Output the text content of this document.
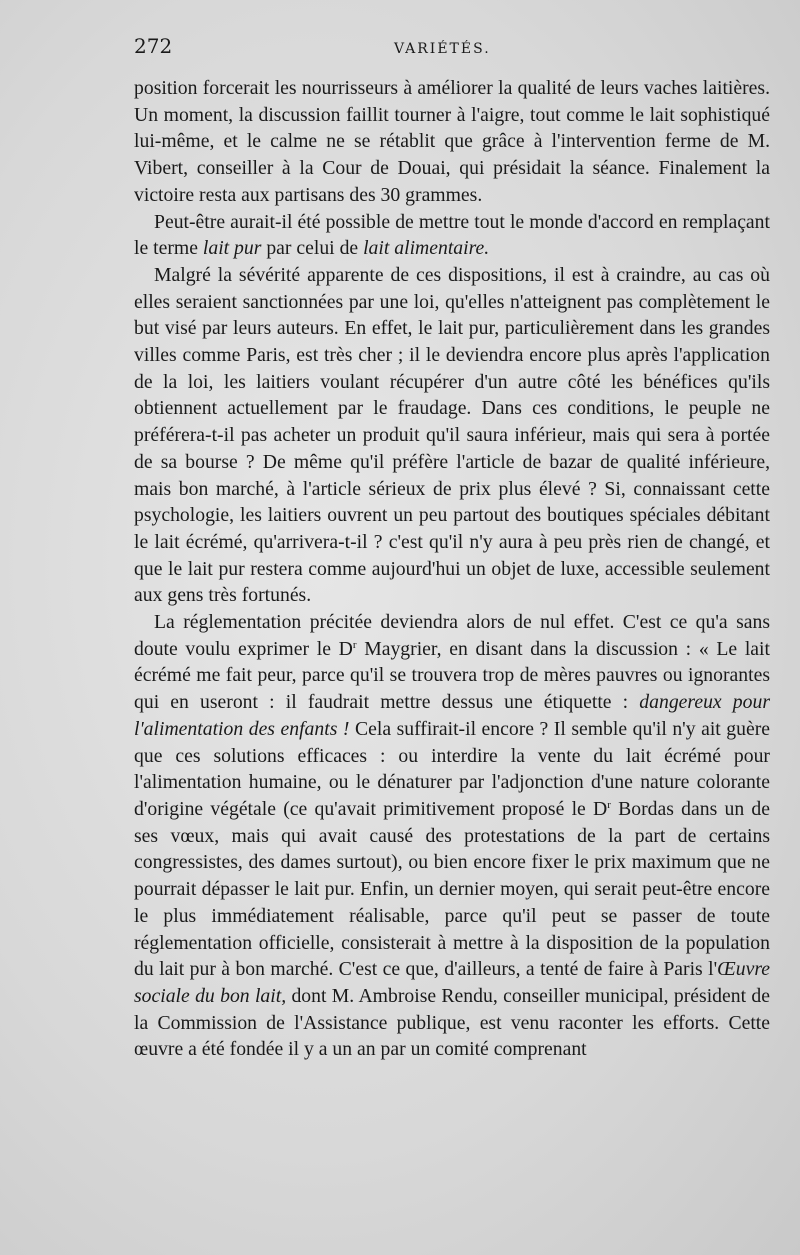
272	VARIÉTÉS.

position forcerait les nourrisseurs à améliorer la qualité de leurs vaches laitières. Un moment, la discussion faillit tourner à l'aigre, tout comme le lait sophistiqué lui-même, et le calme ne se rétablit que grâce à l'intervention ferme de M. Vibert, conseiller à la Cour de Douai, qui présidait la séance. Finalement la victoire resta aux partisans des 30 grammes.

Peut-être aurait-il été possible de mettre tout le monde d'accord en remplaçant le terme lait pur par celui de lait alimentaire.

Malgré la sévérité apparente de ces dispositions, il est à craindre, au cas où elles seraient sanctionnées par une loi, qu'elles n'atteignent pas complètement le but visé par leurs auteurs. En effet, le lait pur, particulièrement dans les grandes villes comme Paris, est très cher ; il le deviendra encore plus après l'application de la loi, les laitiers voulant récupérer d'un autre côté les bénéfices qu'ils obtiennent actuellement par le fraudage. Dans ces conditions, le peuple ne préférera-t-il pas acheter un produit qu'il saura inférieur, mais qui sera à portée de sa bourse ? De même qu'il préfère l'article de bazar de qualité inférieure, mais bon marché, à l'article sérieux de prix plus élevé ? Si, connaissant cette psychologie, les laitiers ouvrent un peu partout des boutiques spéciales débitant le lait écrémé, qu'arrivera-t-il ? c'est qu'il n'y aura à peu près rien de changé, et que le lait pur restera comme aujourd'hui un objet de luxe, accessible seulement aux gens très fortunés.

La réglementation précitée deviendra alors de nul effet. C'est ce qu'a sans doute voulu exprimer le $D^r$ Maygrier, en disant dans la discussion : « Le lait écrémé me fait peur, parce qu'il se trouvera trop de mères pauvres ou ignorantes qui en useront : il faudrait mettre dessus une étiquette : dangereux pour l'alimentation des enfants ! Cela suffirait-il encore ? Il semble qu'il n'y ait guère que ces solutions efficaces : ou interdire la vente du lait écrémé pour l'alimentation humaine, ou le dénaturer par l'adjonction d'une nature colorante d'origine végétale (ce qu'avait primitivement proposé le $D^r$ Bordas dans un de ses vœux, mais qui avait causé des protestations de la part de certains congressistes, des dames surtout), ou bien encore fixer le prix maximum que ne pourrait dépasser le lait pur. Enfin, un dernier moyen, qui serait peut-être encore le plus immédiatement réalisable, parce qu'il peut se passer de toute réglementation officielle, consisterait à mettre à la disposition de la population du lait pur à bon marché. C'est ce que, d'ailleurs, a tenté de faire à Paris l'Œuvre sociale du bon lait, dont M. Ambroise Rendu, conseiller municipal, président de la Commission de l'Assistance publique, est venu raconter les efforts. Cette œuvre a été fondée il y a un an par un comité comprenant
